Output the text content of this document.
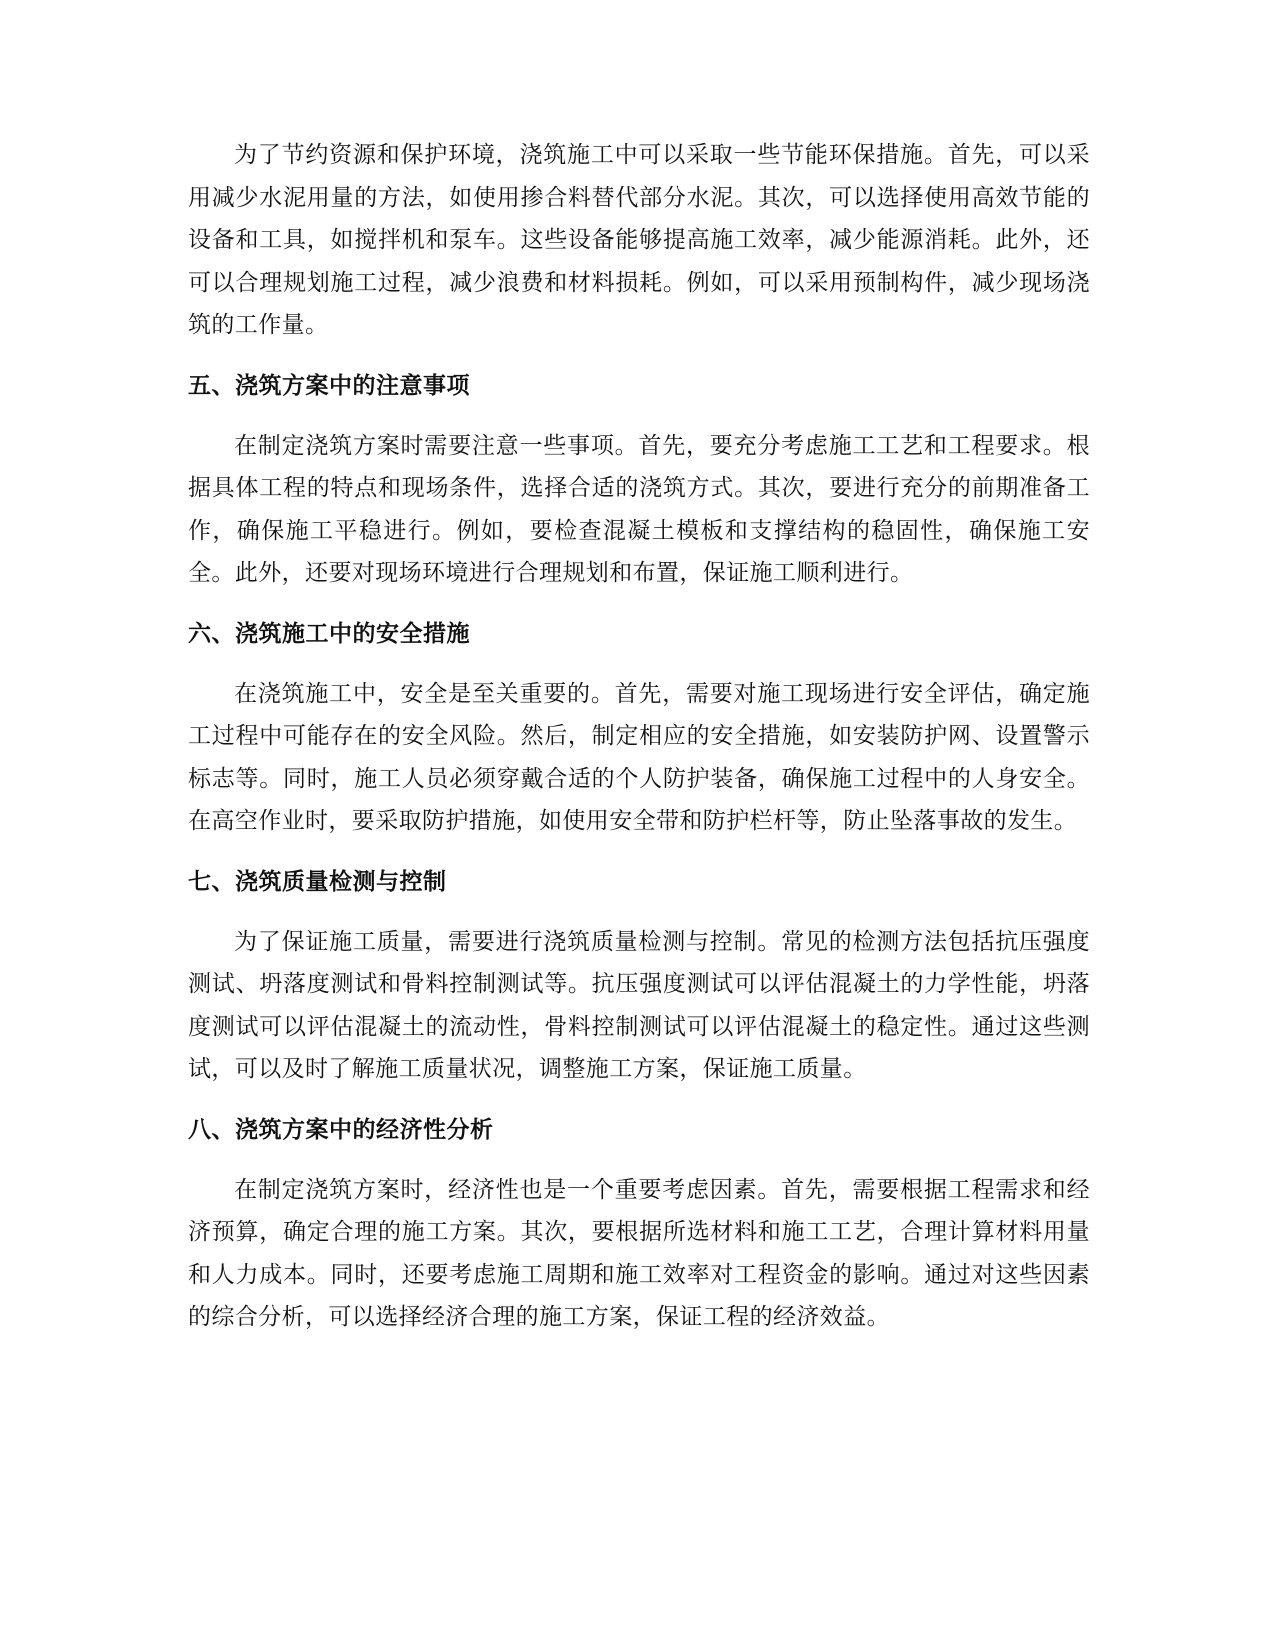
为了节约资源和保护环境，浇筑施工中可以采取一些节能环保措施。首先，可以采用减少水泥用量的方法，如使用掺合料替代部分水泥。其次，可以选择使用高效节能的设备和工具，如搅拌机和泵车。这些设备能够提高施工效率，减少能源消耗。此外，还可以合理规划施工过程，减少浪费和材料损耗。例如，可以采用预制构件，减少现场浇筑的工作量。

五、浇筑方案中的注意事项

在制定浇筑方案时需要注意一些事项。首先，要充分考虑施工工艺和工程要求。根据具体工程的特点和现场条件，选择合适的浇筑方式。其次，要进行充分的前期准备工作，确保施工平稳进行。例如，要检查混凝土模板和支撑结构的稳固性，确保施工安全。此外，还要对现场环境进行合理规划和布置，保证施工顺利进行。

六、浇筑施工中的安全措施

在浇筑施工中，安全是至关重要的。首先，需要对施工现场进行安全评估，确定施工过程中可能存在的安全风险。然后，制定相应的安全措施，如安装防护网、设置警示标志等。同时，施工人员必须穿戴合适的个人防护装备，确保施工过程中的人身安全。在高空作业时，要采取防护措施，如使用安全带和防护栏杆等，防止坠落事故的发生。

七、浇筑质量检测与控制

为了保证施工质量，需要进行浇筑质量检测与控制。常见的检测方法包括抗压强度测试、坍落度测试和骨料控制测试等。抗压强度测试可以评估混凝土的力学性能，坍落度测试可以评估混凝土的流动性，骨料控制测试可以评估混凝土的稳定性。通过这些测试，可以及时了解施工质量状况，调整施工方案，保证施工质量。

八、浇筑方案中的经济性分析

在制定浇筑方案时，经济性也是一个重要考虑因素。首先，需要根据工程需求和经济预算，确定合理的施工方案。其次，要根据所选材料和施工工艺，合理计算材料用量和人力成本。同时，还要考虑施工周期和施工效率对工程资金的影响。通过对这些因素的综合分析，可以选择经济合理的施工方案，保证工程的经济效益。
